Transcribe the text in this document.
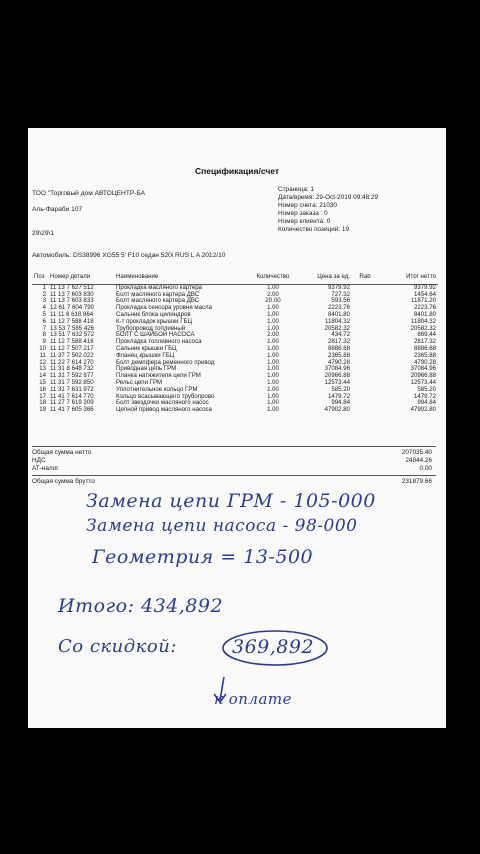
Спецификация/счет
ТОО "Торговый дом АВТОЦЕНТР-БА
Аль-Фараби 107
29\29\1
Страница: 1
Дата/время: 29-Oct-2019 09:48:29
Номер счета: 21030
Номер заказа : 0
Номер клиента: 0
Количество позиций: 19
Автомобиль: DS38996 XG55 5' F10 седан 520i RUS L A 2012/10
Поз	Номер детали	Наименование	Количество	Цена за ед.	Rab	Итог нетто
1	11 13 7 627 512	Прокладка масляного картера	1.00	9379.92		9379.92
2	11 13 7 603 830	Болт масляного картера ДВС	2.00	727.32		1454.64
3	11 13 7 603 833	Болт масляного картера ДВС	20.00	593.56		11871.20
4	12 61 7 604 790	Прокладка сенсора уровня масла	1.00	2223.76		2223.76
5	11 11 8 618 864	Сальник блока цилиндров	1.00	8401.80		8401.80
6	11 12 7 588 418	К-т прокладок крышки ГБЦ	1.00	11804.32		11804.32
7	13 53 7 585 426	Трубопровод топливный	1.00	20582.32		20582.32
8	13 51 7 632 572	БОЛТ С ШАЙБОЙ НАСОСА	2.00	434.72		869.44
9	11 12 7 588 416	Прокладка топливного насоса	1.00	2817.32		2817.32
10	11 12 7 507 217	Сальник крышки ГБЦ	1.00	8886.68		8886.68
11	11 37 7 502 022	Фланец крышки ГБЦ	1.00	2365.88		2365.88
12	11 22 7 614 270	Болт демпфера ременного привод	1.00	4790.28		4790.28
13	11 31 8 648 732	Приводная цепь ГРМ	1.00	37084.96		37084.96
14	11 31 7 592 877	Планка натяжителя цепи ГРМ	1.00	20966.88		20966.88
15	11 31 7 592 850	Рельс цепи ГРМ	1.00	12573.44		12573.44
16	11 31 7 631 972	Уплотнительное кольцо ГРМ	1.00	585.20		585.20
17	11 41 7 614 770	Кольцо всасывающего трубопрово	1.00	1479.72		1479.72
18	11 27 7 619 309	Болт звездочки масляного насос	1.00	994.84		994.84
19	11 41 7 605 366	Цепной привод масляного насоса	1.00	47902.80		47902.80
Общая сумма нетто	207035.40
НДС	24844.26
АТ-налог	0.00
Общая сумма брутто	231879.66
Замена цепи ГРМ - 105-000
Замена цепи насоса - 98-000
Геометрия = 13-500
Итого: 434,892
Со скидкой:	369,892
к оплате
